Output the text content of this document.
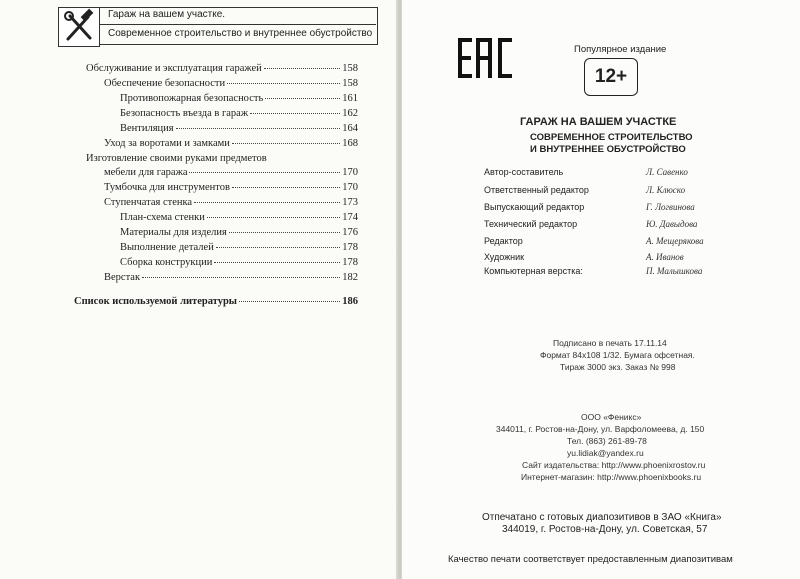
Гараж на вашем участке.
Современное строительство и внутреннее обустройство
Обслуживание и эксплуатация гаражей	158
Обеспечение безопасности	158
Противопожарная безопасность	161
Безопасность въезда в гараж	162
Вентиляция	164
Уход за воротами и замками	168
Изготовление своими руками предметов
мебели для гаража	170
Тумбочка для инструментов	170
Ступенчатая стенка	173
План-схема стенки	174
Материалы для изделия	176
Выполнение деталей	178
Сборка конструкции	178
Верстак	182
Список используемой литературы	186
Популярное издание
12+
ГАРАЖ НА ВАШЕМ УЧАСТКЕ
СОВРЕМЕННОЕ СТРОИТЕЛЬСТВО
И ВНУТРЕННЕЕ ОБУСТРОЙСТВО
Автор-составитель	Л. Савенко
Ответственный редактор	Л. Клюско
Выпускающий редактор	Г. Логвинова
Технический редактор	Ю. Давыдова
Редактор	А. Мещерякова
Художник	А. Иванов
Компьютерная верстка:	П. Малышкова
Подписано в печать 17.11.14
Формат 84x108 1/32. Бумага офсетная.
Тираж 3000 экз. Заказ № 998
ООО «Феникс»
344011, г. Ростов-на-Дону, ул. Варфоломеева, д. 150
Тел. (863) 261-89-78
yu.lidiak@yandex.ru
Сайт издательства: http://www.phoenixrostov.ru
Интернет-магазин: http://www.phoenixbooks.ru
Отпечатано с готовых диапозитивов в ЗАО «Книга»
344019, г. Ростов-на-Дону, ул. Советская, 57
Качество печати соответствует предоставленным диапозитивам
